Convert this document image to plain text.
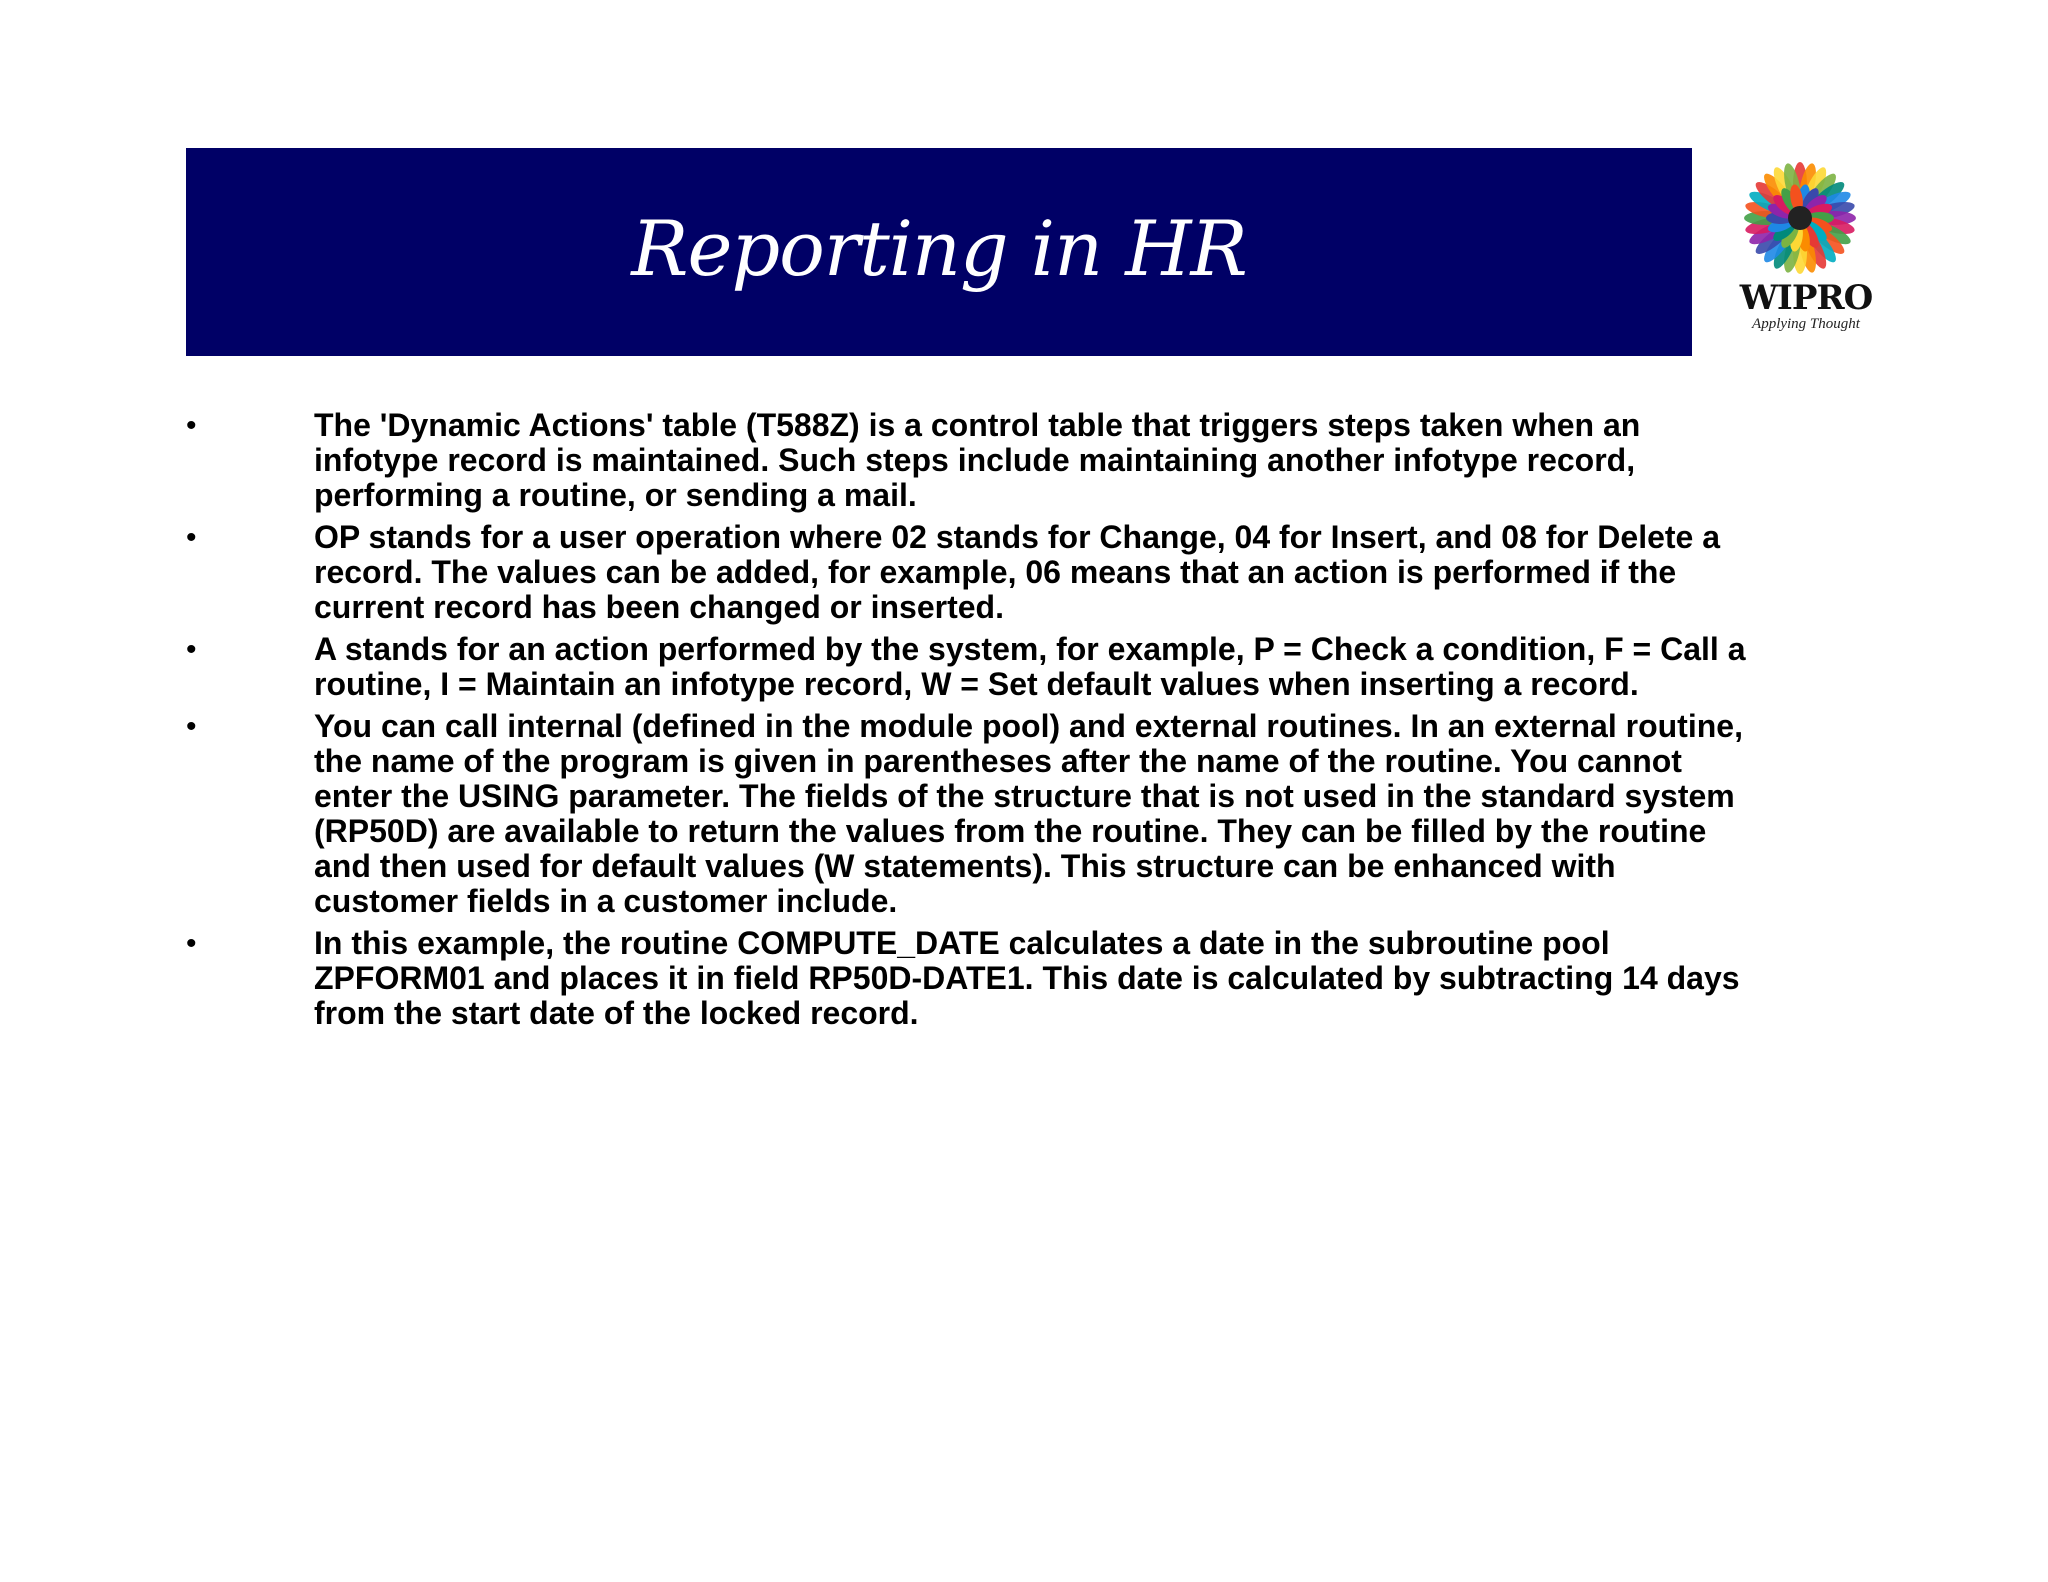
Reporting in HR
WIPRO
Applying Thought
•	The 'Dynamic Actions' table (T588Z) is a control table that triggers steps taken when an infotype record is maintained. Such steps include maintaining another infotype record, performing a routine, or sending a mail.
•	OP stands for a user operation where 02 stands for Change, 04 for Insert, and 08 for Delete a record. The values can be added, for example, 06 means that an action is performed if the current record has been changed or inserted.
•	A stands for an action performed by the system, for example, P = Check a condition, F = Call a routine, I = Maintain an infotype record, W = Set default values when inserting a record.
•	You can call internal (defined in the module pool) and external routines. In an external routine, the name of the program is given in parentheses after the name of the routine. You cannot enter the USING parameter. The fields of the structure that is not used in the standard system (RP50D) are available to return the values from the routine. They can be filled by the routine and then used for default values (W statements). This structure can be enhanced with customer fields in a customer include.
•	In this example, the routine COMPUTE_DATE calculates a date in the subroutine pool ZPFORM01 and places it in field RP50D-DATE1. This date is calculated by subtracting 14 days from the start date of the locked record.
